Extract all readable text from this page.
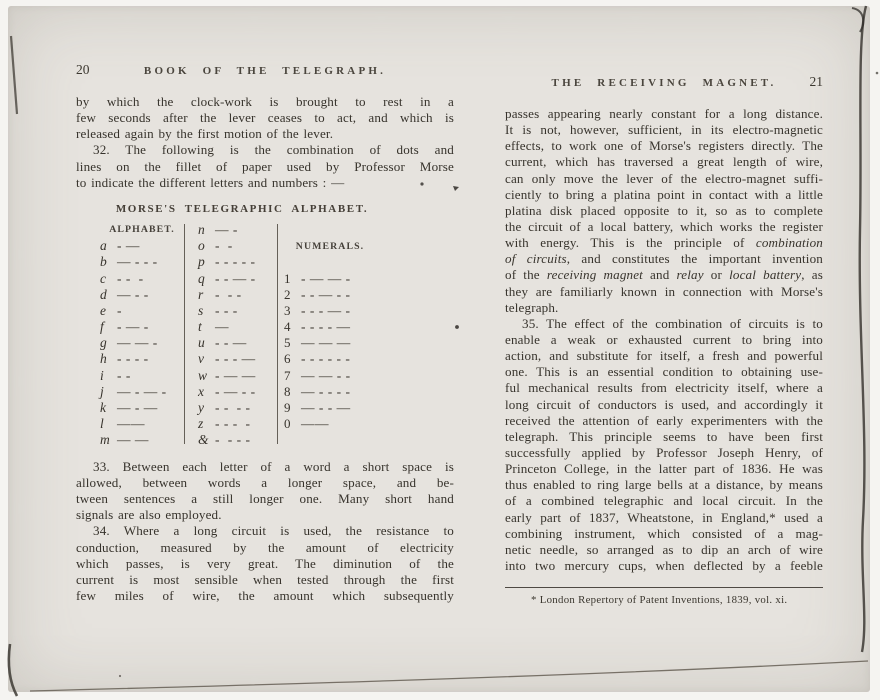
20	BOOK OF THE TELEGRAPH.
by which the clock-work is brought to rest in a
few seconds after the lever ceases to act, and which is
released again by the first motion of the lever.
32. The following is the combination of dots and
lines on the fillet of paper used by Professor Morse
to indicate the different letters and numbers : —
MORSE'S TELEGRAPHIC ALPHABET.
ALPHABET.
a - —
b — - - -
c - -  -
d — - -
e -
f - — -
g — — -
h - - - -
i - -
j — - — -
k — - —
l ——
m — —
n — -
o -  -
p - - - - -
q - - — -
r -  - -
s - - -
t —
u - - —
v - - - —
w - — —
x - — - -
y - -  - -
z - - -  -
& -  - - -
NUMERALS.
1 - — — -
2 - - — - -
3 - - - — -
4 - - - - —
5 — — —
6 - - - - - -
7 — — - -
8 — - - - -
9 — - - —
0 ——
33. Between each letter of a word a short space is
allowed, between words a longer space, and be-
tween sentences a still longer one. Many short hand
signals are also employed.
34. Where a long circuit is used, the resistance to
conduction, measured by the amount of electricity
which passes, is very great. The diminution of the
current is most sensible when tested through the first
few miles of wire, the amount which subsequently
THE RECEIVING MAGNET.	21
passes appearing nearly constant for a long distance.
It is not, however, sufficient, in its electro-magnetic
effects, to work one of Morse's registers directly. The
current, which has traversed a great length of wire,
can only move the lever of the electro-magnet suffi-
ciently to bring a platina point in contact with a little
platina disk placed opposite to it, so as to complete
the circuit of a local battery, which works the register
with energy. This is the principle of combination
of circuits, and constitutes the important invention
of the receiving magnet and relay or local battery, as
they are familiarly known in connection with Morse's
telegraph.
35. The effect of the combination of circuits is to
enable a weak or exhausted current to bring into
action, and substitute for itself, a fresh and powerful
one. This is an essential condition to obtaining use-
ful mechanical results from electricity itself, where a
long circuit of conductors is used, and accordingly it
received the attention of early experimenters with the
telegraph. This principle seems to have been first
successfully applied by Professor Joseph Henry, of
Princeton College, in the latter part of 1836. He was
thus enabled to ring large bells at a distance, by means
of a combined telegraphic and local circuit. In the
early part of 1837, Wheatstone, in England,* used a
combining instrument, which consisted of a mag-
netic needle, so arranged as to dip an arch of wire
into two mercury cups, when deflected by a feeble
* London Repertory of Patent Inventions, 1839, vol. xi.
